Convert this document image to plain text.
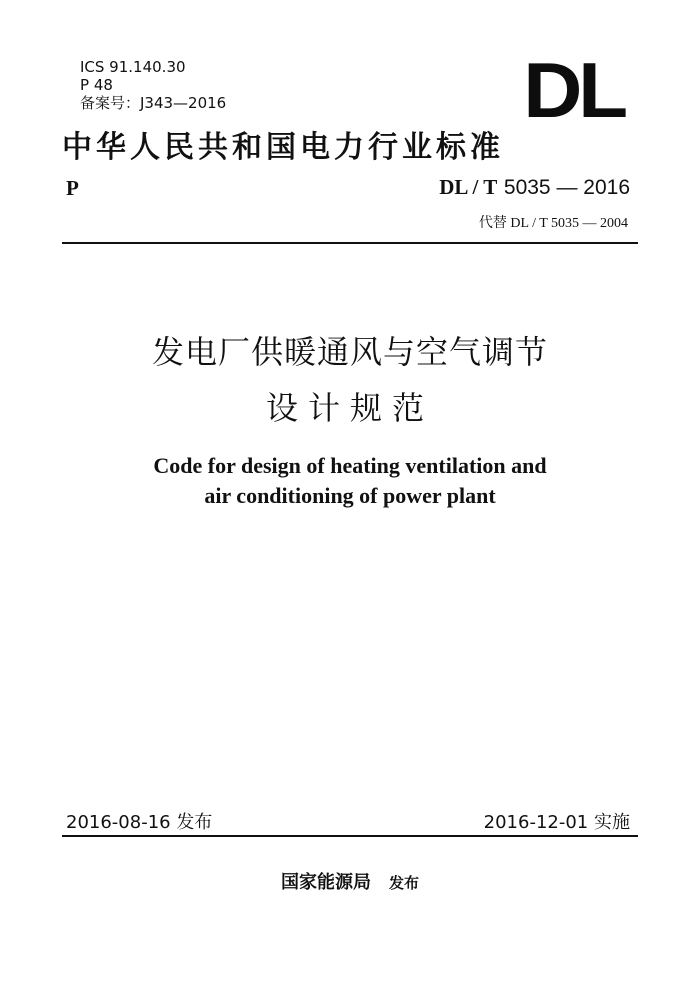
ICS 91.140.30
P 48
备案号：J343—2016	DL
中华人民共和国电力行业标准
P	DL / T 5035 — 2016
代替 DL / T 5035 — 2004
发电厂供暖通风与空气调节
设计规范
Code for design of heating ventilation and
air conditioning of power plant
2016-08-16 发布	2016-12-01 实施
国家能源局 发布
